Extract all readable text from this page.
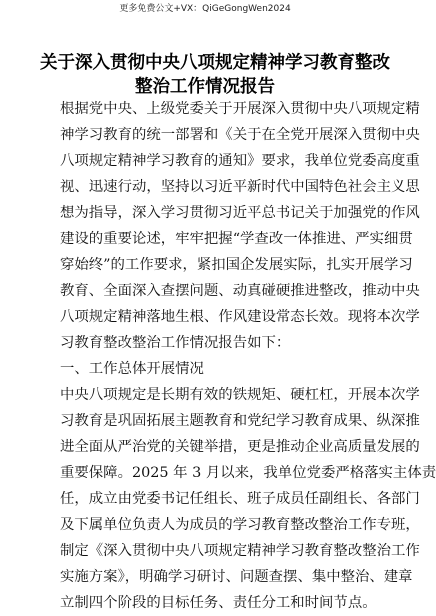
更多免费公文+VX：QiGeGongWen2024
关于深入贯彻中央八项规定精神学习教育整改
整治工作情况报告
根据党中央、上级党委关于开展深入贯彻中央八项规定精
神学习教育的统一部署和《关于在全党开展深入贯彻中央
八项规定精神学习教育的通知》要求，我单位党委高度重
视、迅速行动，坚持以习近平新时代中国特色社会主义思
想为指导，深入学习贯彻习近平总书记关于加强党的作风
建设的重要论述，牢牢把握“学查改一体推进、严实细贯
穿始终”的工作要求，紧扣国企发展实际，扎实开展学习
教育、全面深入查摆问题、动真碰硬推进整改，推动中央
八项规定精神落地生根、作风建设常态长效。现将本次学
习教育整改整治工作情况报告如下：
一、工作总体开展情况
中央八项规定是长期有效的铁规矩、硬杠杠，开展本次学
习教育是巩固拓展主题教育和党纪学习教育成果、纵深推
进全面从严治党的关键举措，更是推动企业高质量发展的
重要保障。2025 年 3 月以来，我单位党委严格落实主体责
任，成立由党委书记任组长、班子成员任副组长、各部门
及下属单位负责人为成员的学习教育整改整治工作专班，
制定《深入贯彻中央八项规定精神学习教育整改整治工作
实施方案》，明确学习研讨、问题查摆、集中整治、建章
立制四个阶段的目标任务、责任分工和时间节点。
